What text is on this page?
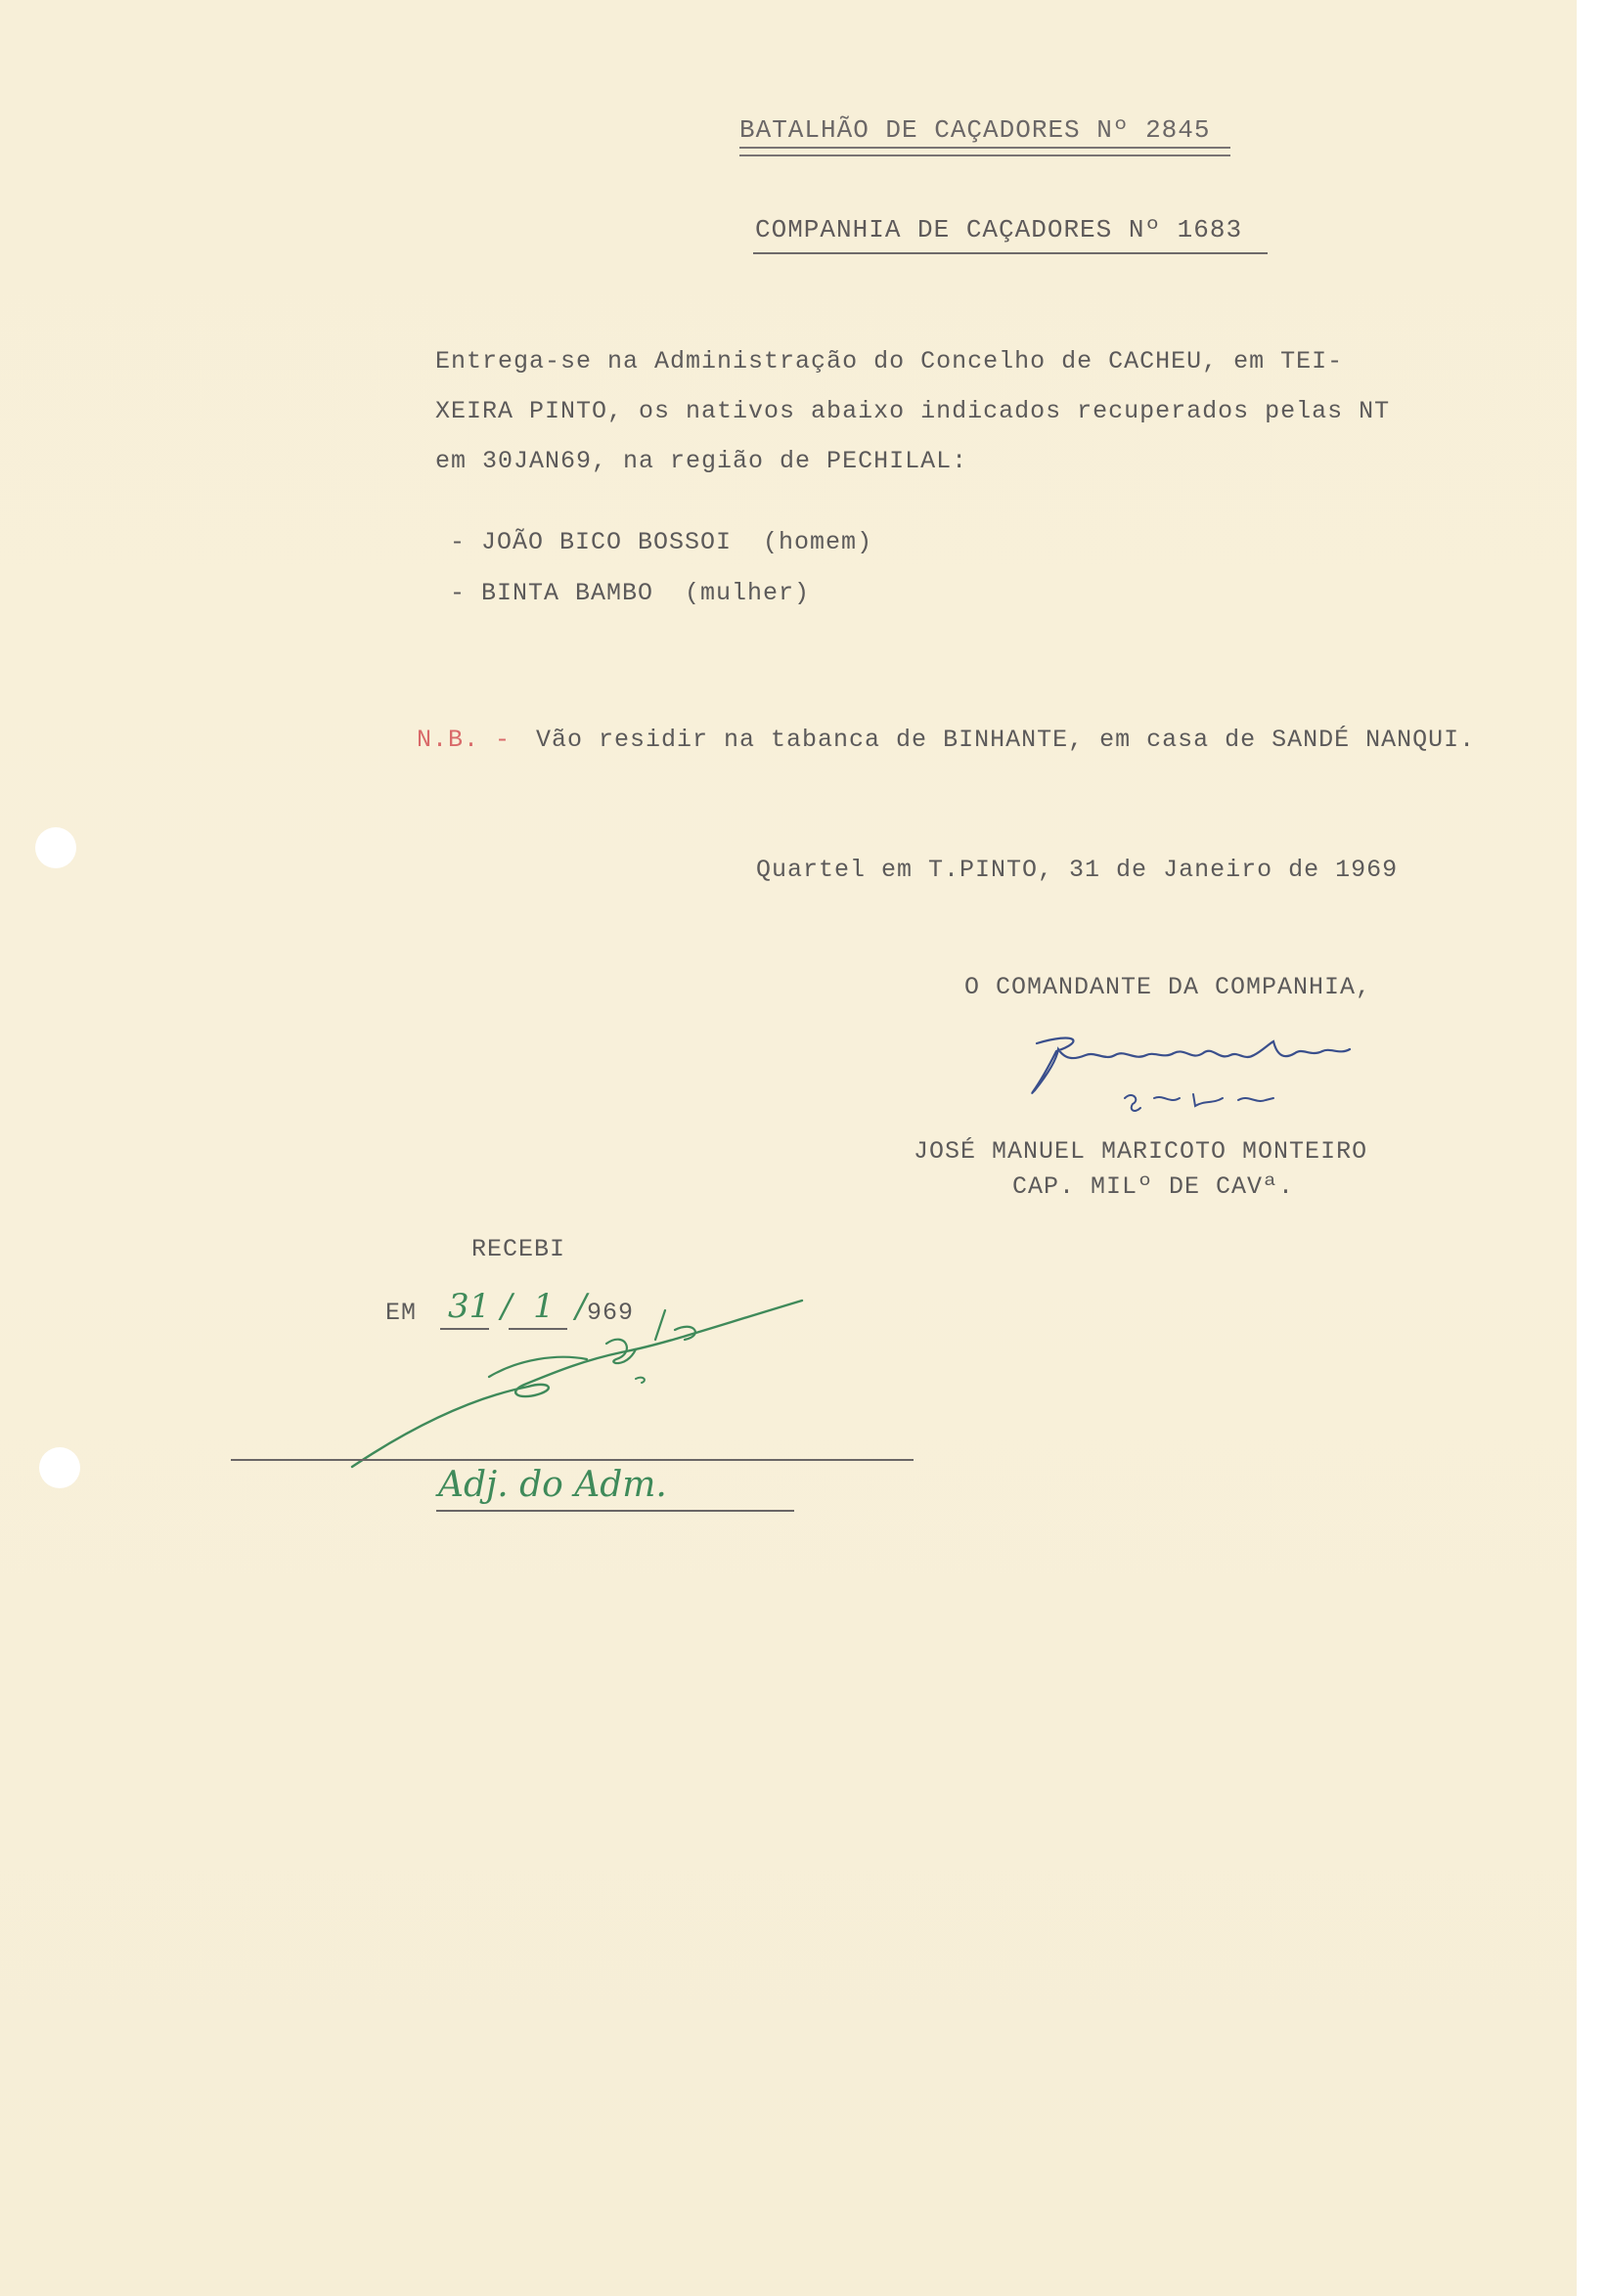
BATALHÃO DE CAÇADORES Nº 2845
COMPANHIA DE CAÇADORES Nº 1683
Entrega-se na Administração do Concelho de CACHEU, em TEI-
XEIRA PINTO, os nativos abaixo indicados recuperados pelas NT
em 30JAN69, na região de PECHILAL:
- JOÃO BICO BOSSOI  (homem)
- BINTA BAMBO  (mulher)
N.B. - Vão residir na tabanca de BINHANTE, em casa de SANDÉ NANQUI.
Quartel em T.PINTO, 31 de Janeiro de 1969
O COMANDANTE DA COMPANHIA,
JOSÉ MANUEL MARICOTO MONTEIRO
CAP. MILº DE CAVª.
RECEBI
EM 31 /  1  / 969
Adj. do Adm.
